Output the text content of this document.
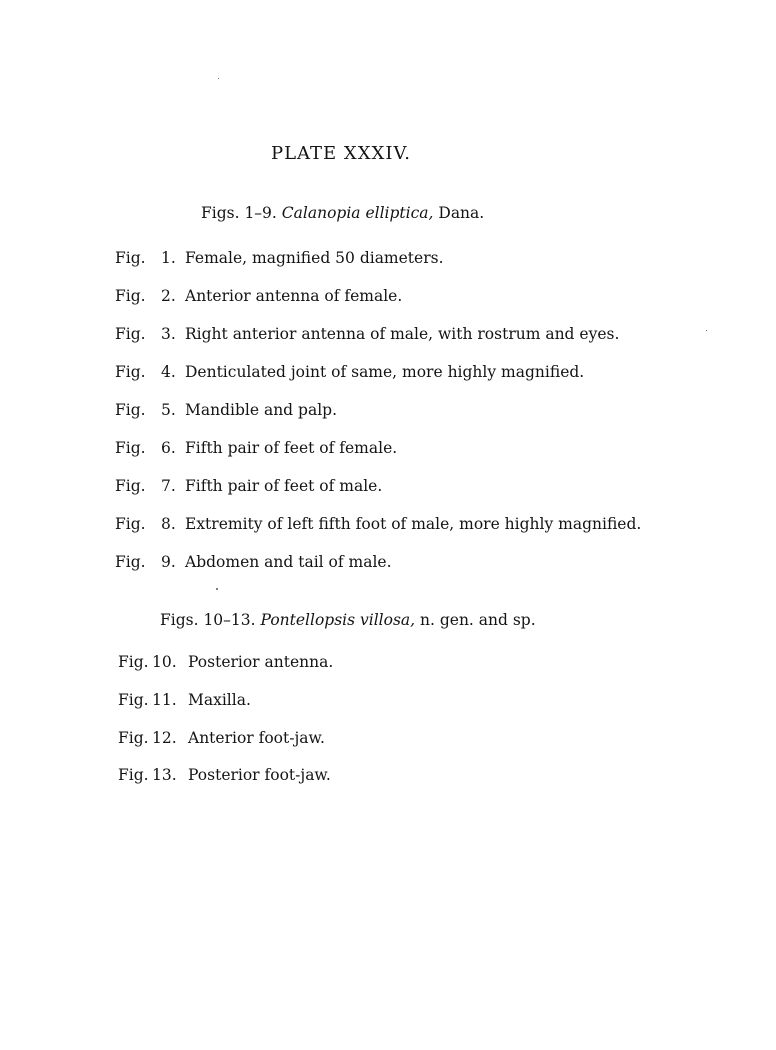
PLATE XXXIV.
Figs. 1–9. Calanopia elliptica, Dana.
Fig. 1. Female, magnified 50 diameters.
Fig. 2. Anterior antenna of female.
Fig. 3. Right anterior antenna of male, with rostrum and eyes.
Fig. 4. Denticulated joint of same, more highly magnified.
Fig. 5. Mandible and palp.
Fig. 6. Fifth pair of feet of female.
Fig. 7. Fifth pair of feet of male.
Fig. 8. Extremity of left fifth foot of male, more highly magnified.
Fig. 9. Abdomen and tail of male.
Figs. 10–13. Pontellopsis villosa, n. gen. and sp.
Fig. 10. Posterior antenna.
Fig. 11. Maxilla.
Fig. 12. Anterior foot-jaw.
Fig. 13. Posterior foot-jaw.
